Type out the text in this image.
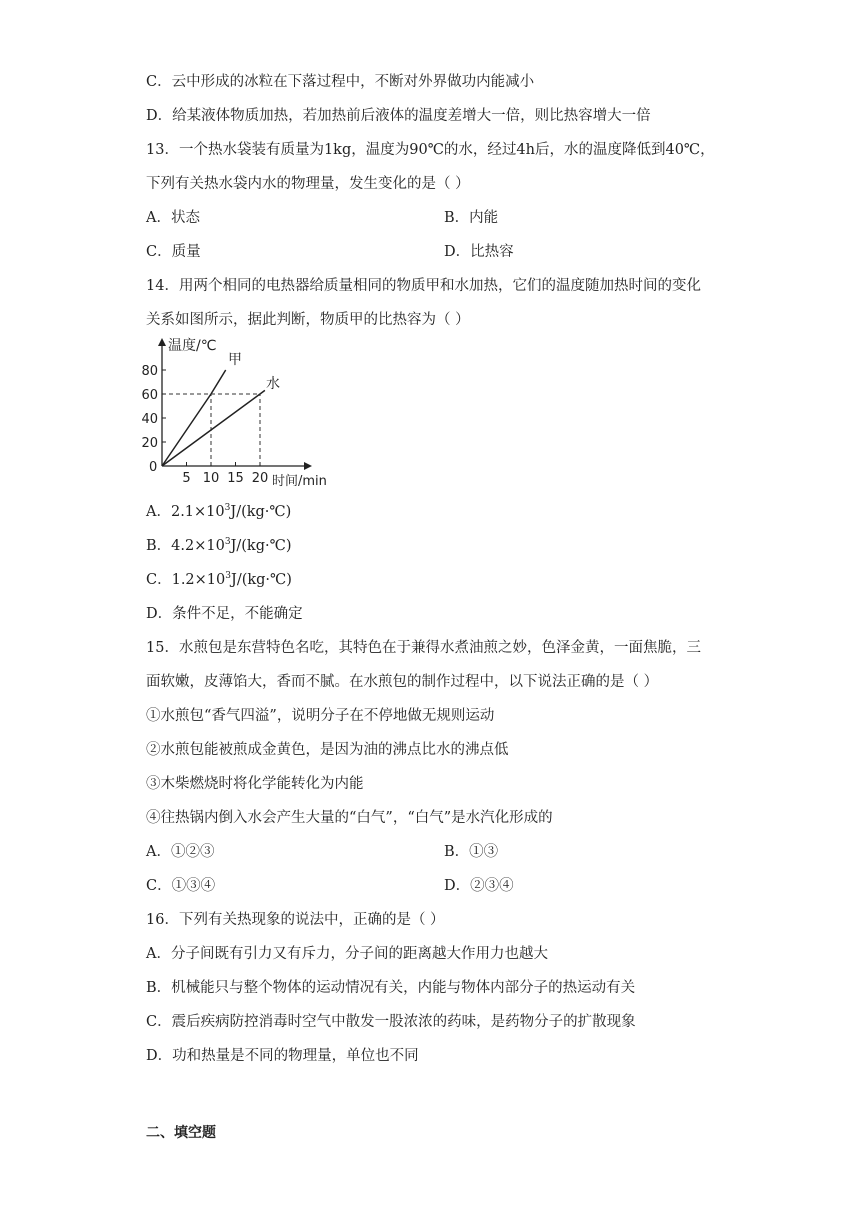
C．云中形成的冰粒在下落过程中，不断对外界做功内能减小
D．给某液体物质加热，若加热前后液体的温度差增大一倍，则比热容增大一倍
13．一个热水袋装有质量为1kg，温度为90℃的水，经过4h后，水的温度降低到40℃，
下列有关热水袋内水的物理量，发生变化的是（ ）
A．状态	B．内能
C．质量	D．比热容
14．用两个相同的电热器给质量相同的物质甲和水加热，它们的温度随加热时间的变化
关系如图所示，据此判断，物质甲的比热容为（ ）
5 10 15 20
20
40
60
80
温度/℃
时间/min
0
甲
水
A．$2.1\times 10^3J/(kg\cdot℃)$
B．$4.2\times 10^3J/(kg\cdot℃)$
C．$1.2\times 10^3J/(kg\cdot℃)$
D．条件不足，不能确定
15．水煎包是东营特色名吃，其特色在于兼得水煮油煎之妙，色泽金黄，一面焦脆，三
面软嫩，皮薄馅大，香而不腻。在水煎包的制作过程中，以下说法正确的是（ ）
①水煎包“香气四溢”，说明分子在不停地做无规则运动
②水煎包能被煎成金黄色，是因为油的沸点比水的沸点低
③木柴燃烧时将化学能转化为内能
④往热锅内倒入水会产生大量的“白气”，“白气”是水汽化形成的
A．①②③	B．①③
C．①③④	D．②③④
16．下列有关热现象的说法中，正确的是（ ）
A．分子间既有引力又有斥力，分子间的距离越大作用力也越大
B．机械能只与整个物体的运动情况有关，内能与物体内部分子的热运动有关
C．震后疾病防控消毒时空气中散发一股浓浓的药味，是药物分子的扩散现象
D．功和热量是不同的物理量，单位也不同
二、填空题
